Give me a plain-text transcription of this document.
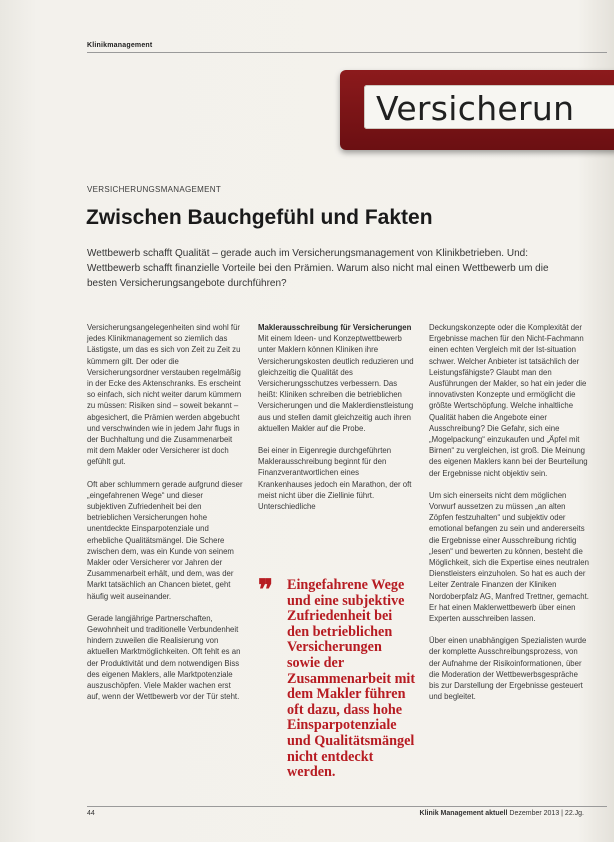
Klinikmanagement
Versicherun
VERSICHERUNGSMANAGEMENT
Zwischen Bauchgefühl und Fakten

Wettbewerb schafft Qualität – gerade auch im Versicherungsmanagement von Klinikbetrieben. Und: Wettbewerb schafft finanzielle Vorteile bei den Prämien. Warum also nicht mal einen Wettbewerb um die besten Versicherungsangebote durchführen?

Versicherungsangelegenheiten sind wohl für jedes Klinikmanagement so ziemlich das Lästigste, um das es sich von Zeit zu Zeit zu kümmern gilt. Der oder die Versicherungsordner verstauben regelmäßig in der Ecke des Aktenschranks. Es erscheint so einfach, sich nicht weiter darum kümmern zu müssen: Risiken sind – soweit bekannt – abgesichert, die Prämien werden abgebucht und verschwinden wie in jedem Jahr flugs in der Buchhaltung und die Zusammenarbeit mit dem Makler oder Versicherer ist doch gefühlt gut.

Oft aber schlummern gerade aufgrund dieser „eingefahrenen Wege“ und dieser subjektiven Zufriedenheit bei den betrieblichen Versicherungen hohe unentdeckte Einsparpotenziale und erhebliche Qualitätsmängel. Die Schere zwischen dem, was ein Kunde von seinem Makler oder Versicherer vor Jahren der Zusammenarbeit erhält, und dem, was der Markt tatsächlich an Chancen bietet, geht häufig weit auseinander.

Gerade langjährige Partnerschaften, Gewohnheit und traditionelle Verbundenheit hindern zuweilen die Realisierung von aktuellen Marktmöglichkeiten. Oft fehlt es an der Produktivität und dem notwendigen Biss des eigenen Maklers, alle Marktpotenziale auszuschöpfen. Viele Makler wachen erst auf, wenn der Wettbewerb vor der Tür steht.

Maklerausschreibung für Versicherungen

Mit einem Ideen- und Konzeptwettbewerb unter Maklern können Kliniken ihre Versicherungskosten deutlich reduzieren und gleichzeitig die Qualität des Versicherungsschutzes verbessern. Das heißt: Kliniken schreiben die betrieblichen Versicherungen und die Maklerdienstleistung aus und stellen damit gleichzeitig auch ihren aktuellen Makler auf die Probe.

Bei einer in Eigenregie durchgeführten Maklerausschreibung beginnt für den Finanzverantwortlichen eines Krankenhauses jedoch ein Marathon, der oft meist nicht über die Ziellinie führt. Unterschiedliche

❞ Eingefahrene Wege und eine subjektive Zufriedenheit bei den betrieblichen Versicherungen sowie der Zusammenarbeit mit dem Makler führen oft dazu, dass hohe Einsparpotenziale und Qualitätsmängel nicht entdeckt werden.

Deckungskonzepte oder die Komplexität der Ergebnisse machen für den Nicht-Fachmann einen echten Vergleich mit der Ist-situation schwer. Welcher Anbieter ist tatsächlich der Leistungsfähigste? Glaubt man den Ausführungen der Makler, so hat ein jeder die innovativsten Konzepte und ermöglicht die größte Wertschöpfung. Welche inhaltliche Qualität haben die Angebote einer Ausschreibung? Die Gefahr, sich eine „Mogelpackung“ einzukaufen und „Äpfel mit Birnen“ zu vergleichen, ist groß. Die Meinung des eigenen Maklers kann bei der Beurteilung der Ergebnisse nicht objektiv sein.

Um sich einerseits nicht dem möglichen Vorwurf aussetzen zu müssen „an alten Zöpfen festzuhalten“ und subjektiv oder emotional befangen zu sein und andererseits die Ergebnisse einer Ausschreibung richtig „lesen“ und bewerten zu können, besteht die Möglichkeit, sich die Expertise eines neutralen Dienstleisters einzuholen. So hat es auch der Leiter Zentrale Finanzen der Kliniken Nordoberpfalz AG, Manfred Trettner, gemacht. Er hat einen Maklerwettbewerb über einen Experten ausschreiben lassen.

Über einen unabhängigen Spezialisten wurde der komplette Ausschreibungsprozess, von der Aufnahme der Risikoinformationen, über die Moderation der Wettbewerbsgespräche bis zur Darstellung der Ergebnisse gesteuert und begleitet.

44	Klinik Management aktuell Dezember 2013 | 22.Jg.
